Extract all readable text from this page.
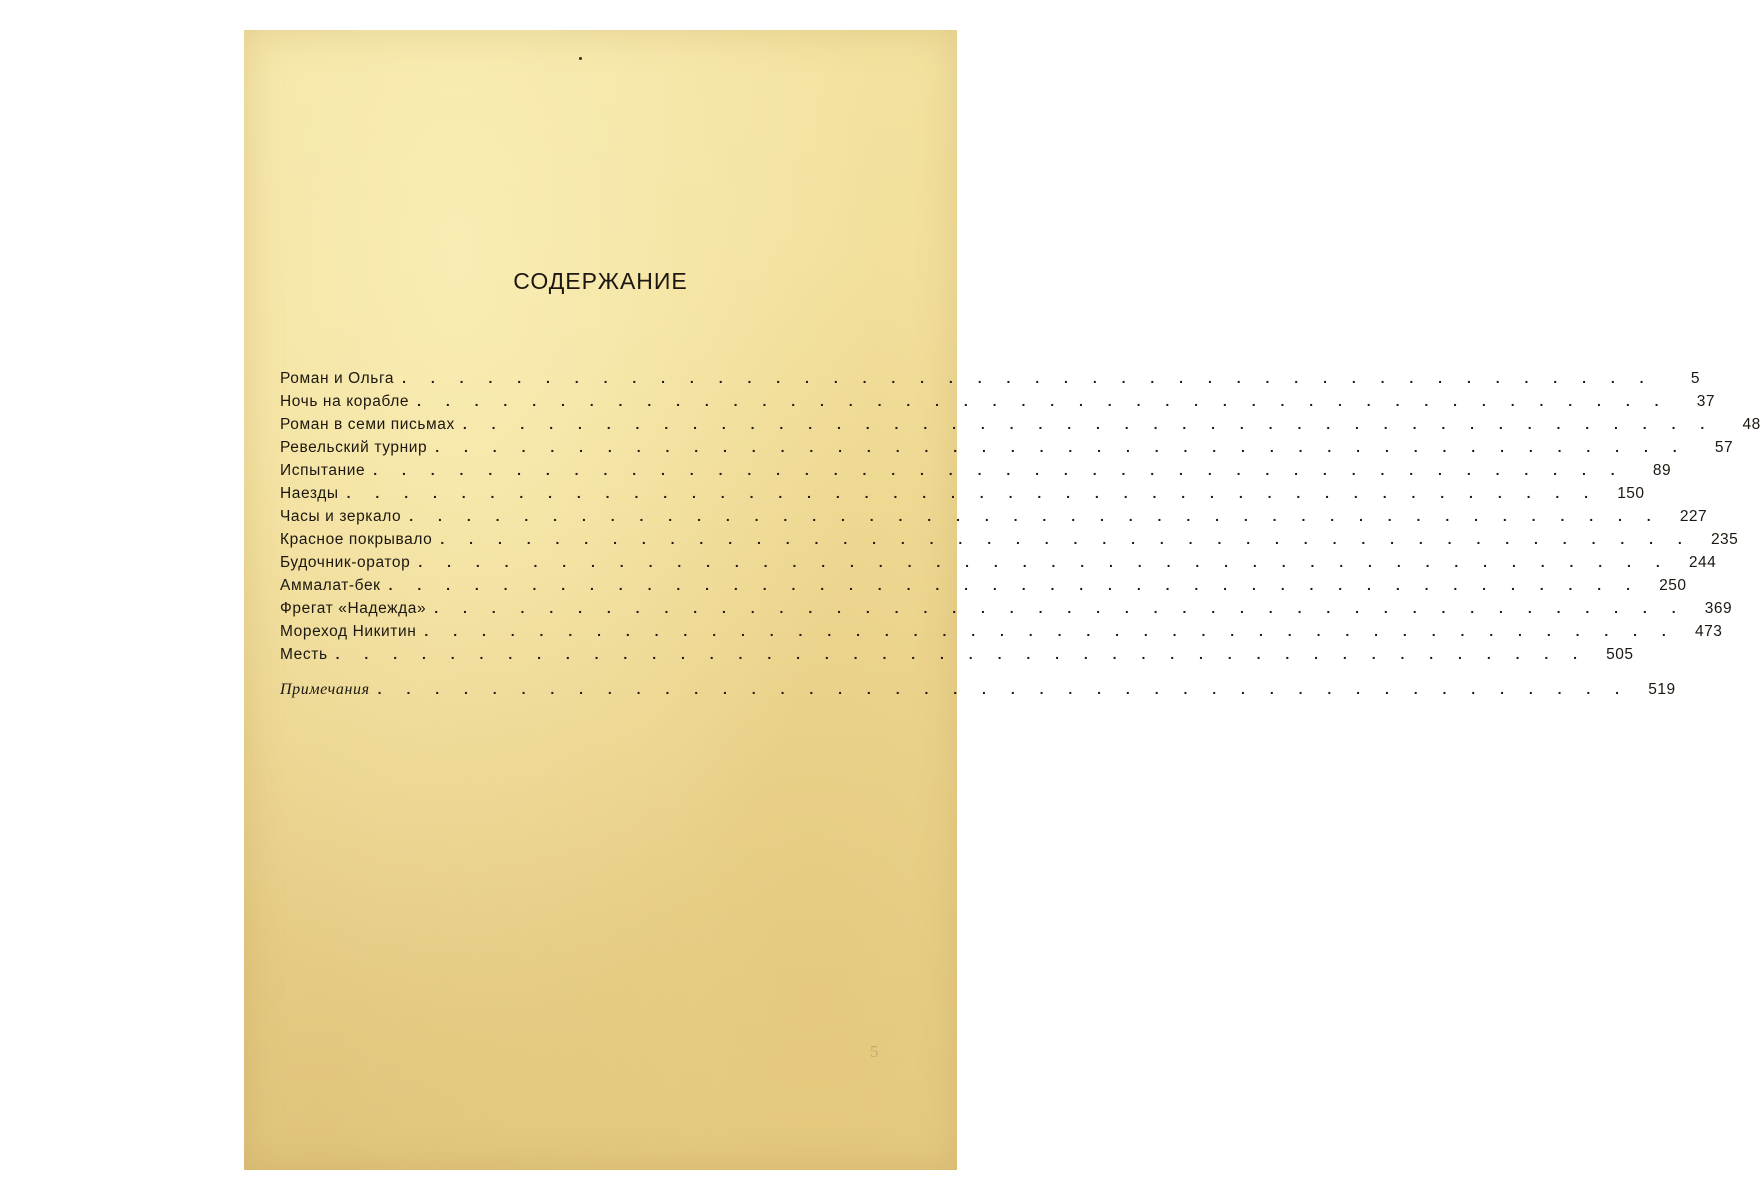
СОДЕРЖАНИЕ
Роман и Ольга . . . . . . . . . . . . . . . . . . . . . . . . . . . . . . . . . . . . . . . . . . . .	5
Ночь на корабле . . . . . . . . . . . . . . . . . . . . . . . . . . . . . . . . . . . . . . . . . . . .	37
Роман в семи письмах . . . . . . . . . . . . . . . . . . . . . . . . . . . . . . . . . . . . . . . . . . . .	48
Ревельский турнир . . . . . . . . . . . . . . . . . . . . . . . . . . . . . . . . . . . . . . . . . . . .	57
Испытание . . . . . . . . . . . . . . . . . . . . . . . . . . . . . . . . . . . . . . . . . . . .	89
Наезды . . . . . . . . . . . . . . . . . . . . . . . . . . . . . . . . . . . . . . . . . . . .	150
Часы и зеркало . . . . . . . . . . . . . . . . . . . . . . . . . . . . . . . . . . . . . . . . . . . .	227
Красное покрывало . . . . . . . . . . . . . . . . . . . . . . . . . . . . . . . . . . . . . . . . . . . .	235
Будочник-оратор . . . . . . . . . . . . . . . . . . . . . . . . . . . . . . . . . . . . . . . . . . . .	244
Аммалат-бек . . . . . . . . . . . . . . . . . . . . . . . . . . . . . . . . . . . . . . . . . . . .	250
Фрегат «Надежда» . . . . . . . . . . . . . . . . . . . . . . . . . . . . . . . . . . . . . . . . . . . .	369
Мореход Никитин . . . . . . . . . . . . . . . . . . . . . . . . . . . . . . . . . . . . . . . . . . . .	473
Месть . . . . . . . . . . . . . . . . . . . . . . . . . . . . . . . . . . . . . . . . . . . .	505
Примечания . . . . . . . . . . . . . . . . . . . . . . . . . . . . . . . . . . . . . . . . . . . .	519
5
